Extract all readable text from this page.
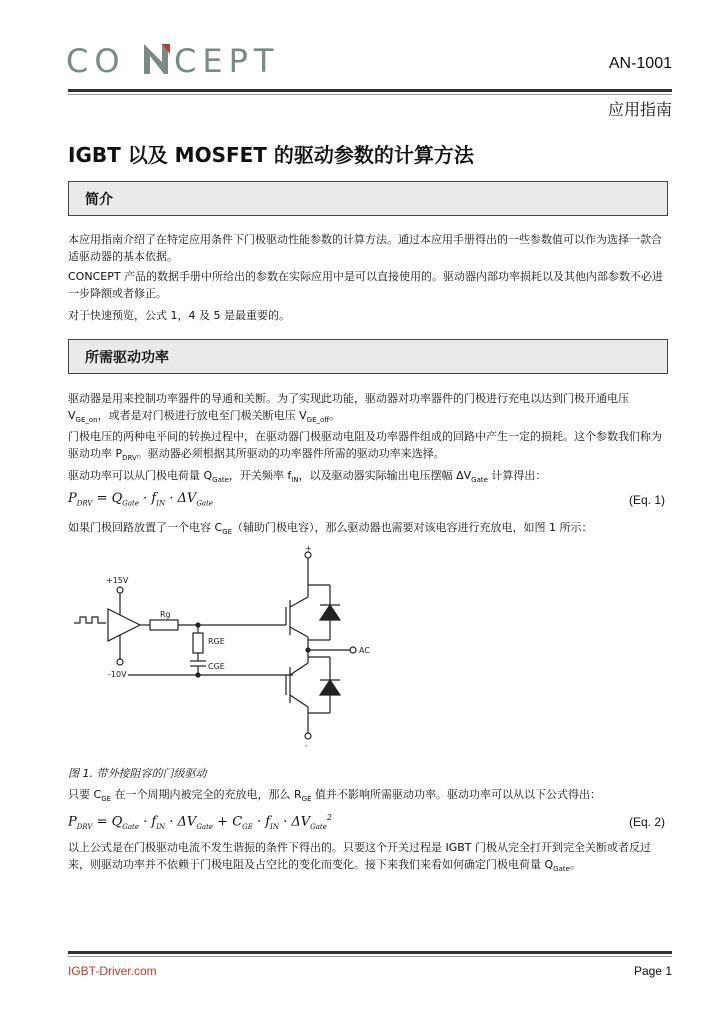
CO CEPT	AN-1001
应用指南
IGBT 以及 MOSFET 的驱动参数的计算方法
简介
本应用指南介绍了在特定应用条件下门极驱动性能参数的计算方法。通过本应用手册得出的一些参数值可以作为选择一款合适驱动器的基本依据。
CONCEPT 产品的数据手册中所给出的参数在实际应用中是可以直接使用的。驱动器内部功率损耗以及其他内部参数不必进一步降额或者修正。
对于快速预览，公式 1，4 及 5 是最重要的。
所需驱动功率
驱动器是用来控制功率器件的导通和关断。为了实现此功能，驱动器对功率器件的门极进行充电以达到门极开通电压 $V_{GE\_on}$，或者是对门极进行放电至门极关断电压 $V_{GE\_off}$。
门极电压的两种电平间的转换过程中，在驱动器门极驱动电阻及功率器件组成的回路中产生一定的损耗。这个参数我们称为驱动功率 $P_{DRV}$。驱动器必须根据其所驱动的功率器件所需的驱动功率来选择。
驱动功率可以从门极电荷量 $Q_{Gate}$，开关频率 $f_{IN}$，以及驱动器实际输出电压摆幅 $\Delta V_{Gate}$ 计算得出：
$P_{DRV} = Q_{Gate} \cdot f_{IN} \cdot \Delta V_{Gate}$	(Eq. 1)
如果门极回路放置了一个电容 $C_{GE}$（辅助门极电容），那么驱动器也需要对该电容进行充放电，如图 1 所示：
+15V
-10V
Rg
RGE
CGE
+
AC
-
图 1. 带外接阻容的门级驱动
只要 $C_{GE}$ 在一个周期内被完全的充放电，那么 $R_{GE}$ 值并不影响所需驱动功率。驱动功率可以从以下公式得出：
$P_{DRV} = Q_{Gate} \cdot f_{IN} \cdot \Delta V_{Gate} + C_{GE} \cdot f_{IN} \cdot \Delta V_{Gate}^2$	(Eq. 2)
以上公式是在门极驱动电流不发生谐振的条件下得出的。只要这个开关过程是 IGBT 门极从完全打开到完全关断或者反过来，则驱动功率并不依赖于门极电阻及占空比的变化而变化。接下来我们来看如何确定门极电荷量 $Q_{Gate}$。
IGBT-Driver.com	Page 1
